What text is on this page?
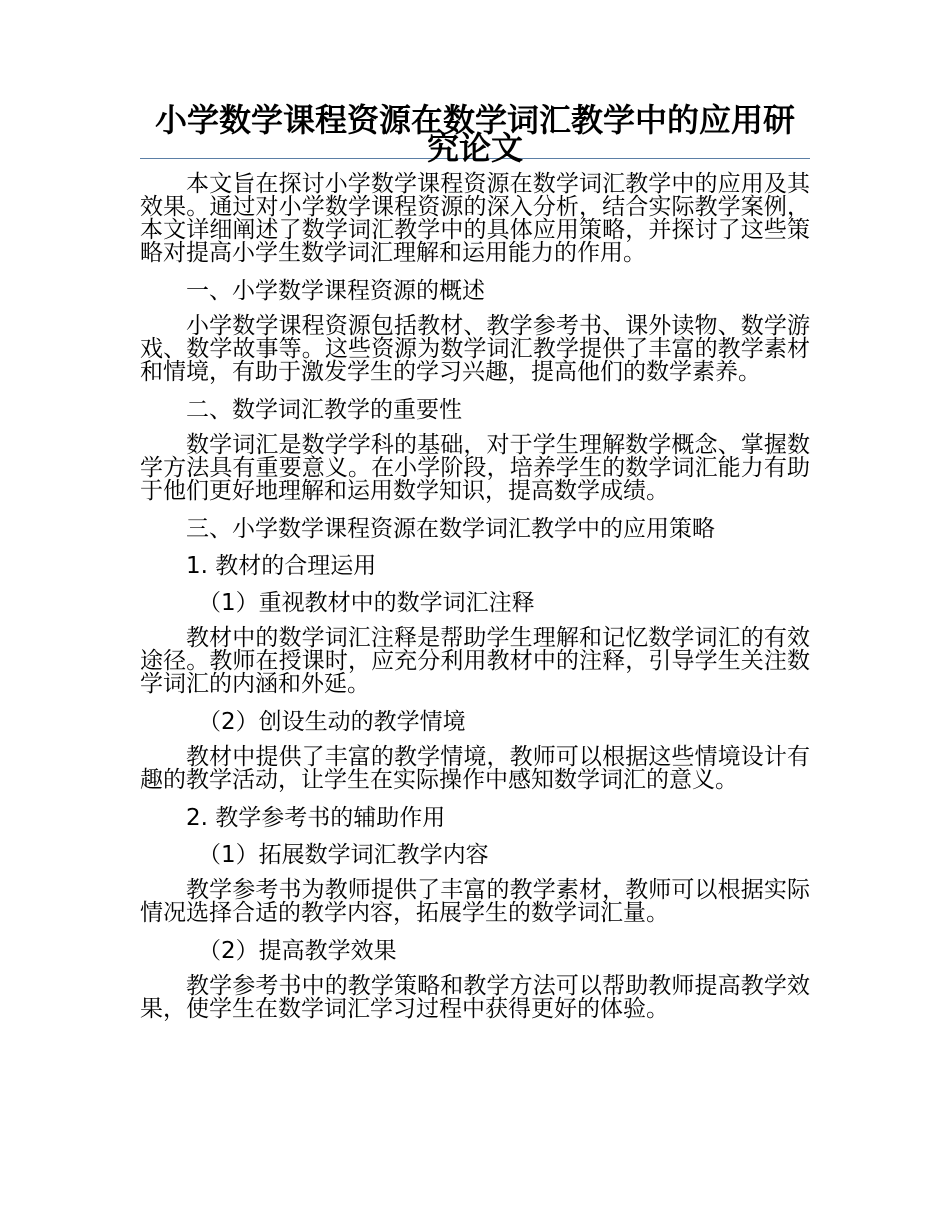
小学数学课程资源在数学词汇教学中的应用研究论文

本文旨在探讨小学数学课程资源在数学词汇教学中的应用及其效果。通过对小学数学课程资源的深入分析，结合实际教学案例，本文详细阐述了数学词汇教学中的具体应用策略，并探讨了这些策略对提高小学生数学词汇理解和运用能力的作用。

一、小学数学课程资源的概述

小学数学课程资源包括教材、教学参考书、课外读物、数学游戏、数学故事等。这些资源为数学词汇教学提供了丰富的教学素材和情境，有助于激发学生的学习兴趣，提高他们的数学素养。

二、数学词汇教学的重要性

数学词汇是数学学科的基础，对于学生理解数学概念、掌握数学方法具有重要意义。在小学阶段，培养学生的数学词汇能力有助于他们更好地理解和运用数学知识，提高数学成绩。

三、小学数学课程资源在数学词汇教学中的应用策略

1. 教材的合理运用

（1）重视教材中的数学词汇注释

教材中的数学词汇注释是帮助学生理解和记忆数学词汇的有效途径。教师在授课时，应充分利用教材中的注释，引导学生关注数学词汇的内涵和外延。

（2）创设生动的教学情境

教材中提供了丰富的教学情境，教师可以根据这些情境设计有趣的教学活动，让学生在实际操作中感知数学词汇的意义。

2. 教学参考书的辅助作用

（1）拓展数学词汇教学内容

教学参考书为教师提供了丰富的教学素材，教师可以根据实际情况选择合适的教学内容，拓展学生的数学词汇量。

（2）提高教学效果

教学参考书中的教学策略和教学方法可以帮助教师提高教学效果，使学生在数学词汇学习过程中获得更好的体验。
